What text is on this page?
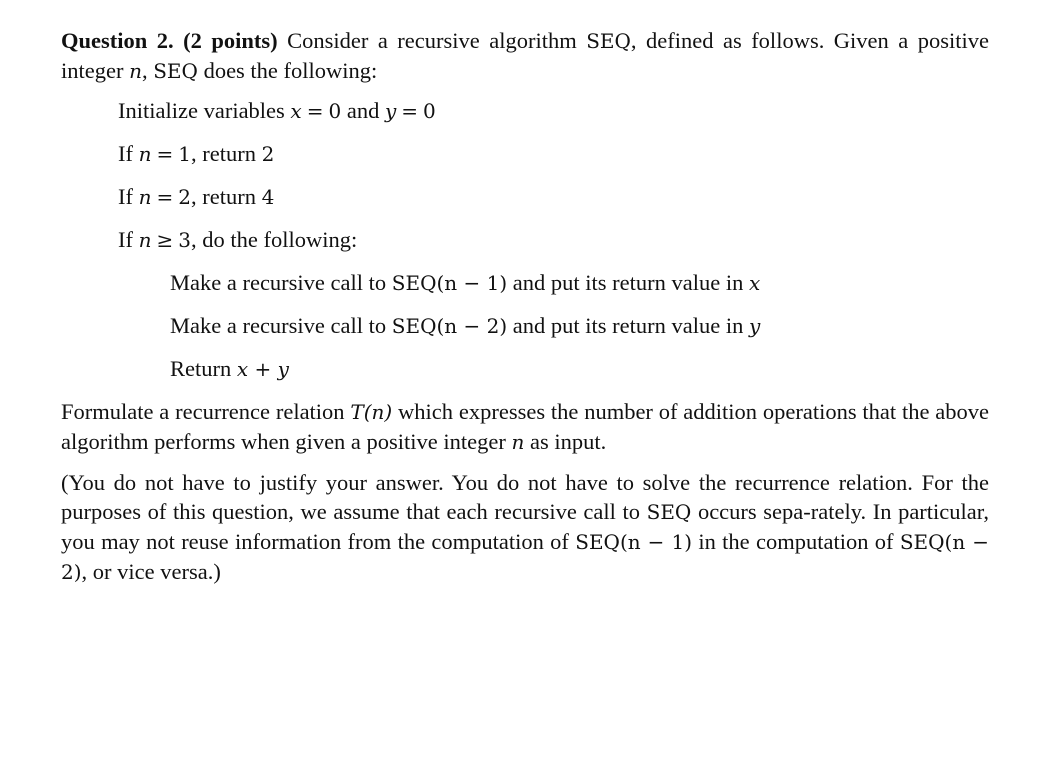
Question 2. (2 points) Consider a recursive algorithm SEQ, defined as follows. Given a positive integer n, SEQ does the following:
Initialize variables x = 0 and y = 0
If n = 1, return 2
If n = 2, return 4
If n ≥ 3, do the following:
Make a recursive call to SEQ(n − 1) and put its return value in x
Make a recursive call to SEQ(n − 2) and put its return value in y
Return x + y
Formulate a recurrence relation T(n) which expresses the number of addition operations that the above algorithm performs when given a positive integer n as input.
(You do not have to justify your answer. You do not have to solve the recurrence relation. For the purposes of this question, we assume that each recursive call to SEQ occurs sepa-rately. In particular, you may not reuse information from the computation of SEQ(n − 1) in the computation of SEQ(n − 2), or vice versa.)
